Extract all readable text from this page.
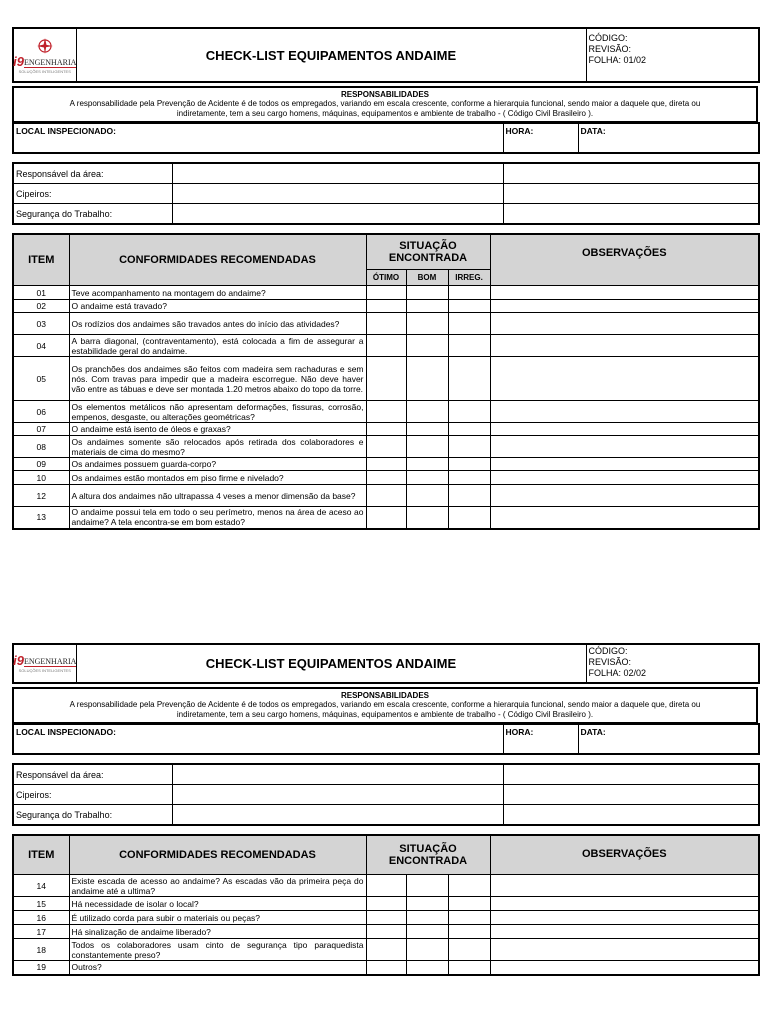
i9 ENGENHARIA
SOLUÇÕES INTELIGENTES
	CHECK-LIST EQUIPAMENTOS ANDAIME	
CÓDIGO:
REVISÃO:
FOLHA: 01/02
RESPONSABILIDADES
A responsabilidade pela Prevenção de Acidente é de todos os empregados, variando em escala crescente, conforme a hierarquia funcional, sendo maior a daquele que, direta ou
indiretamente, tem a seu cargo homens, máquinas, equipamentos e ambiente de trabalho - ( Código Civil Brasileiro ).
LOCAL INSPECIONADO:	HORA:	DATA:
Responsável da área:		
Cipeiros:		
Segurança do Trabalho:		
ITEM	CONFORMIDADES RECOMENDADAS	SITUAÇÃO
ENCONTRADA			OBSERVAÇÕES
		ÓTIMO	BOM	IRREG.	
01	Teve acompanhamento na montagem do andaime?				
02	O andaime está travado?				
03	Os rodízios dos andaimes são travados antes do início das atividades?				
04	A barra diagonal, (contraventamento), está colocada a fim de assegurar a estabilidade geral do andaime.				
05	Os pranchões dos andaimes são feitos com madeira sem rachaduras e sem nós. Com travas para impedir que a madeira escorregue. Não deve haver vão entre as tábuas e deve ser montada 1.20 metros abaixo do topo da torre.				
06	Os elementos metálicos não apresentam deformações, fissuras, corrosão, empenos, desgaste, ou alterações geométricas?				
07	O andaime está isento de óleos e graxas?				
08	Os andaimes somente são relocados após retirada dos colaboradores e materiais de cima do mesmo?				
09	Os andaimes possuem guarda-corpo?				
10	Os andaimes estão montados em piso firme e nivelado?				
12	A altura dos andaimes não ultrapassa 4 veses a menor dimensão da base?				
13	O andaime possui tela em todo o seu perímetro, menos na área de aceso ao andaime? A tela encontra-se em bom estado?				
i9 ENGENHARIA
SOLUÇÕES INTELIGENTES	CHECK-LIST EQUIPAMENTOS ANDAIME	
CÓDIGO:
REVISÃO:
FOLHA: 02/02
RESPONSABILIDADES
A responsabilidade pela Prevenção de Acidente é de todos os empregados, variando em escala crescente, conforme a hierarquia funcional, sendo maior a daquele que, direta ou
indiretamente, tem a seu cargo homens, máquinas, equipamentos e ambiente de trabalho - ( Código Civil Brasileiro ).
LOCAL INSPECIONADO:	HORA:	DATA:
Responsável da área:		
Cipeiros:		
Segurança do Trabalho:		
ITEM	CONFORMIDADES RECOMENDADAS	SITUAÇÃO
ENCONTRADA			OBSERVAÇÕES
14	Existe escada de acesso ao andaime? As escadas vão da primeira peça do andaime até a ultima?				
15	Há necessidade de isolar o local?				
16	É utilizado corda para subir o materiais ou peças?				
17	Há sinalização de andaime liberado?				
18	Todos os colaboradores usam cinto de segurança tipo paraquedista constantemente preso?				
19	Outros?				
